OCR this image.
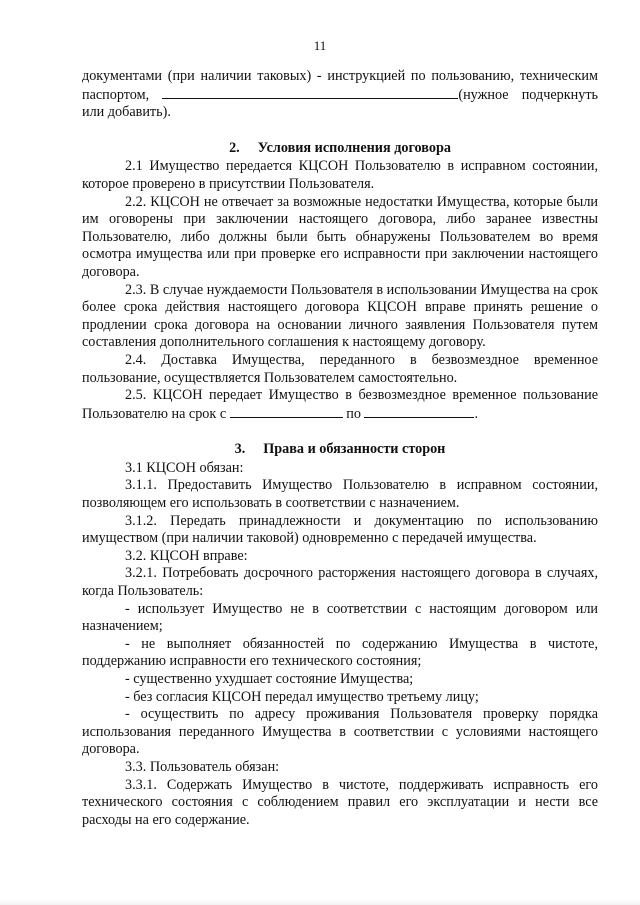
11

документами (при наличии таковых) - инструкцией по пользованию, техническим паспортом,	(нужное подчеркнуть или добавить).

2. Условия исполнения договора

2.1 Имущество передается КЦСОН Пользователю в исправном состоянии, которое проверено в присутствии Пользователя.

2.2. КЦСОН не отвечает за возможные недостатки Имущества, которые были им оговорены при заключении настоящего договора, либо заранее известны Пользователю, либо должны были быть обнаружены Пользователем во время осмотра имущества или при проверке его исправности при заключении настоящего договора.

2.3. В случае нуждаемости Пользователя в использовании Имущества на срок более срока действия настоящего договора КЦСОН вправе принять решение о продлении срока договора на основании личного заявления Пользователя путем составления дополнительного соглашения к настоящему договору.

2.4. Доставка Имущества, переданного в безвозмездное временное пользование, осуществляется Пользователем самостоятельно.

2.5. КЦСОН передает Имущество в безвозмездное временное пользование Пользователю на срок с	по	.

3. Права и обязанности сторон

3.1 КЦСОН обязан:

3.1.1. Предоставить Имущество Пользователю в исправном состоянии, позволяющем его использовать в соответствии с назначением.

3.1.2. Передать принадлежности и документацию по использованию имуществом (при наличии таковой) одновременно с передачей имущества.

3.2. КЦСОН вправе:

3.2.1. Потребовать досрочного расторжения настоящего договора в случаях, когда Пользователь:

- использует Имущество не в соответствии с настоящим договором или назначением;

- не выполняет обязанностей по содержанию Имущества в чистоте, поддержанию исправности его технического состояния;

- существенно ухудшает состояние Имущества;

- без согласия КЦСОН передал имущество третьему лицу;

- осуществить по адресу проживания Пользователя проверку порядка использования переданного Имущества в соответствии с условиями настоящего договора.

3.3. Пользователь обязан:

3.3.1. Содержать Имущество в чистоте, поддерживать исправность его технического состояния с соблюдением правил его эксплуатации и нести все расходы на его содержание.
